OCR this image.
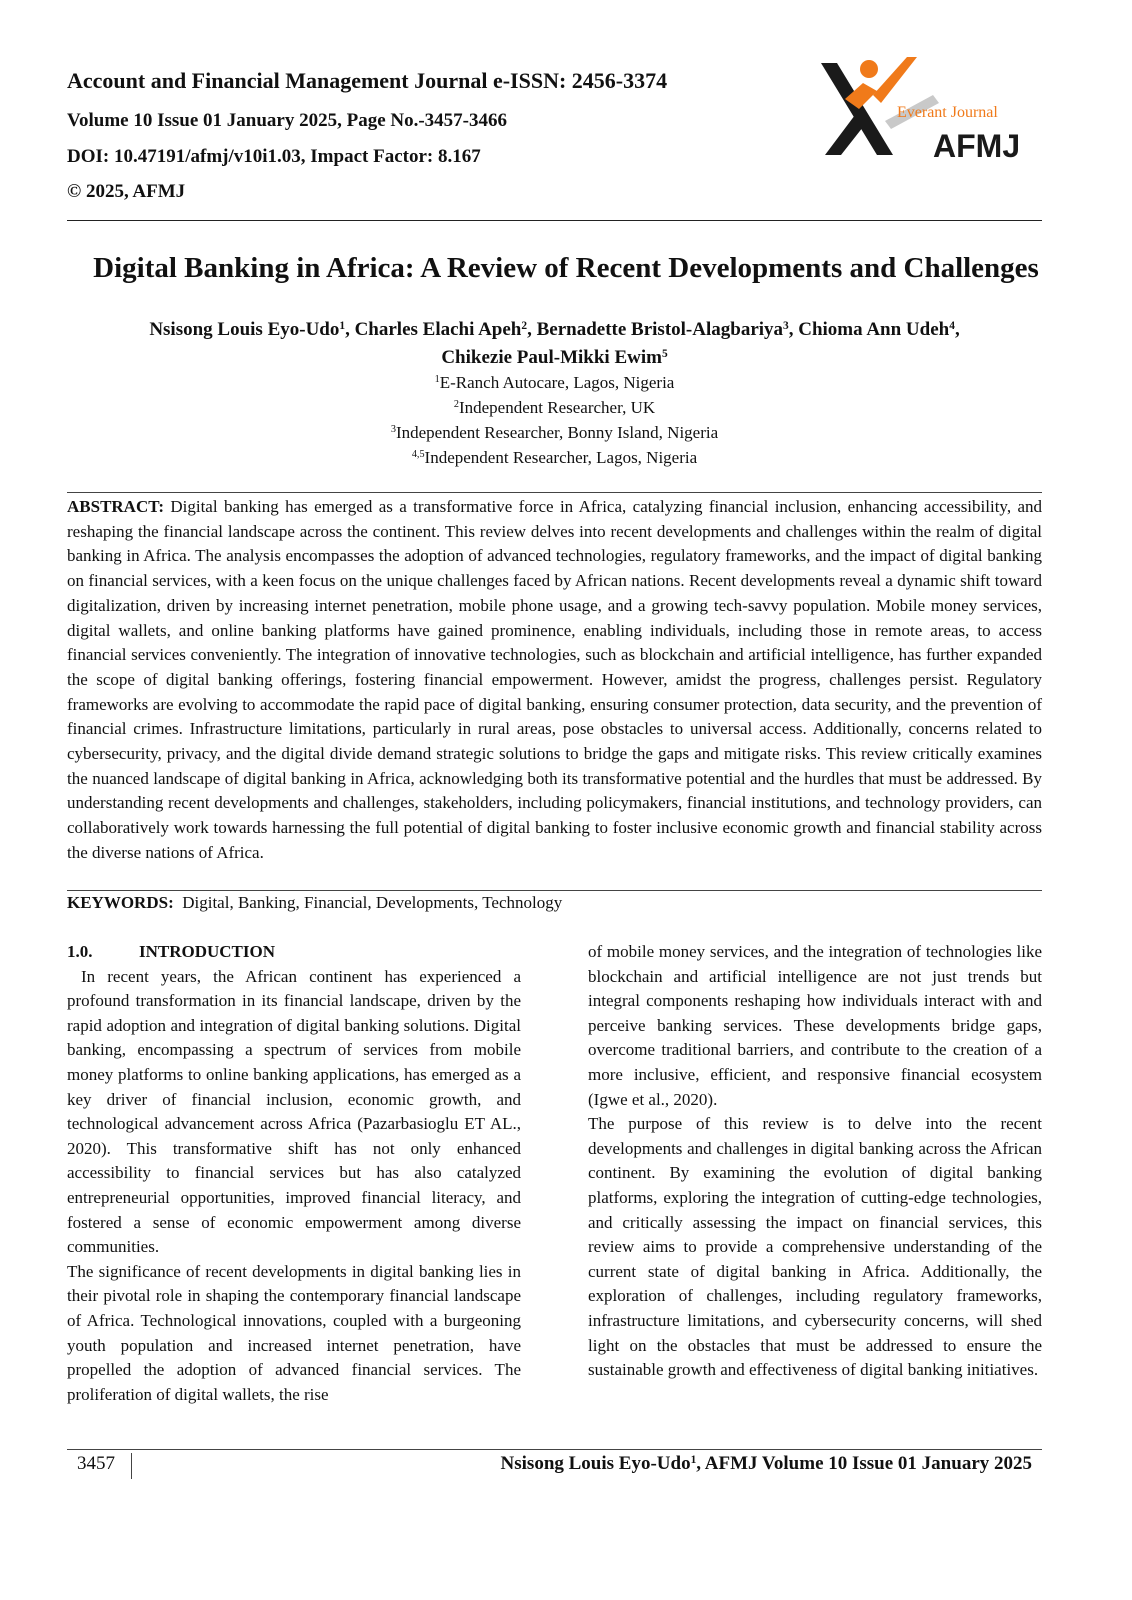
Account and Financial Management Journal e-ISSN: 2456-3374
Volume 10 Issue 01 January 2025, Page No.-3457-3466
DOI: 10.47191/afmj/v10i1.03, Impact Factor: 8.167
© 2025, AFMJ
Everant Journal
AFMJ
Digital Banking in Africa: A Review of Recent Developments and Challenges
Nsisong Louis Eyo-Udo$^1$, Charles Elachi Apeh$^2$, Bernadette Bristol-Alagbariya$^3$, Chioma Ann Udeh$^4$,
Chikezie Paul-Mikki Ewim$^5$
$^1$E-Ranch Autocare, Lagos, Nigeria
$^2$Independent Researcher, UK
$^3$Independent Researcher, Bonny Island, Nigeria
$^{4,5}$Independent Researcher, Lagos, Nigeria
ABSTRACT: Digital banking has emerged as a transformative force in Africa, catalyzing financial inclusion, enhancing accessibility, and reshaping the financial landscape across the continent. This review delves into recent developments and challenges within the realm of digital banking in Africa. The analysis encompasses the adoption of advanced technologies, regulatory frameworks, and the impact of digital banking on financial services, with a keen focus on the unique challenges faced by African nations. Recent developments reveal a dynamic shift toward digitalization, driven by increasing internet penetration, mobile phone usage, and a growing tech-savvy population. Mobile money services, digital wallets, and online banking platforms have gained prominence, enabling individuals, including those in remote areas, to access financial services conveniently. The integration of innovative technologies, such as blockchain and artificial intelligence, has further expanded the scope of digital banking offerings, fostering financial empowerment. However, amidst the progress, challenges persist. Regulatory frameworks are evolving to accommodate the rapid pace of digital banking, ensuring consumer protection, data security, and the prevention of financial crimes. Infrastructure limitations, particularly in rural areas, pose obstacles to universal access. Additionally, concerns related to cybersecurity, privacy, and the digital divide demand strategic solutions to bridge the gaps and mitigate risks. This review critically examines the nuanced landscape of digital banking in Africa, acknowledging both its transformative potential and the hurdles that must be addressed. By understanding recent developments and challenges, stakeholders, including policymakers, financial institutions, and technology providers, can collaboratively work towards harnessing the full potential of digital banking to foster inclusive economic growth and financial stability across the diverse nations of Africa.
KEYWORDS: Digital, Banking, Financial, Developments, Technology
1.0.	INTRODUCTION

In recent years, the African continent has experienced a profound transformation in its financial landscape, driven by the rapid adoption and integration of digital banking solutions. Digital banking, encompassing a spectrum of services from mobile money platforms to online banking applications, has emerged as a key driver of financial inclusion, economic growth, and technological advancement across Africa (Pazarbasioglu ET AL., 2020). This transformative shift has not only enhanced accessibility to financial services but has also catalyzed entrepreneurial opportunities, improved financial literacy, and fostered a sense of economic empowerment among diverse communities.

The significance of recent developments in digital banking lies in their pivotal role in shaping the contemporary financial landscape of Africa. Technological innovations, coupled with a burgeoning youth population and increased internet penetration, have propelled the adoption of advanced financial services. The proliferation of digital wallets, the rise

of mobile money services, and the integration of technologies like blockchain and artificial intelligence are not just trends but integral components reshaping how individuals interact with and perceive banking services. These developments bridge gaps, overcome traditional barriers, and contribute to the creation of a more inclusive, efficient, and responsive financial ecosystem (Igwe et al., 2020).

The purpose of this review is to delve into the recent developments and challenges in digital banking across the African continent. By examining the evolution of digital banking platforms, exploring the integration of cutting-edge technologies, and critically assessing the impact on financial services, this review aims to provide a comprehensive understanding of the current state of digital banking in Africa. Additionally, the exploration of challenges, including regulatory frameworks, infrastructure limitations, and cybersecurity concerns, will shed light on the obstacles that must be addressed to ensure the sustainable growth and effectiveness of digital banking initiatives.

3457	Nsisong Louis Eyo-Udo$^1$, AFMJ Volume 10 Issue 01 January 2025
